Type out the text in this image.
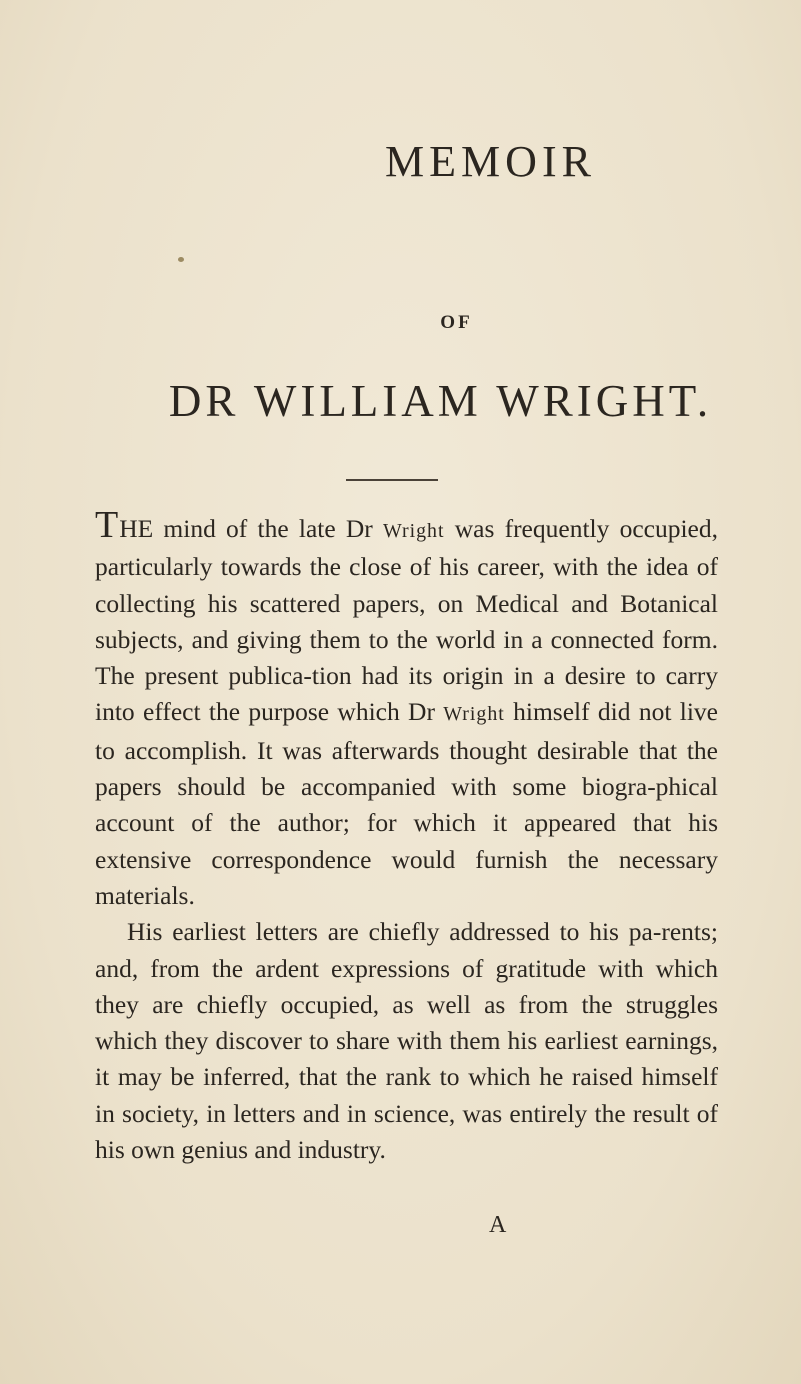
MEMOIR
OF
DR WILLIAM WRIGHT.

THE mind of the late Dr Wright was frequently occupied, particularly towards the close of his career, with the idea of collecting his scattered papers, on Medical and Botanical subjects, and giving them to the world in a connected form. The present publica-tion had its origin in a desire to carry into effect the purpose which Dr Wright himself did not live to accomplish. It was afterwards thought desirable that the papers should be accompanied with some biogra-phical account of the author; for which it appeared that his extensive correspondence would furnish the necessary materials.

His earliest letters are chiefly addressed to his pa-rents; and, from the ardent expressions of gratitude with which they are chiefly occupied, as well as from the struggles which they discover to share with them his earliest earnings, it may be inferred, that the rank to which he raised himself in society, in letters and in science, was entirely the result of his own genius and industry.

A
